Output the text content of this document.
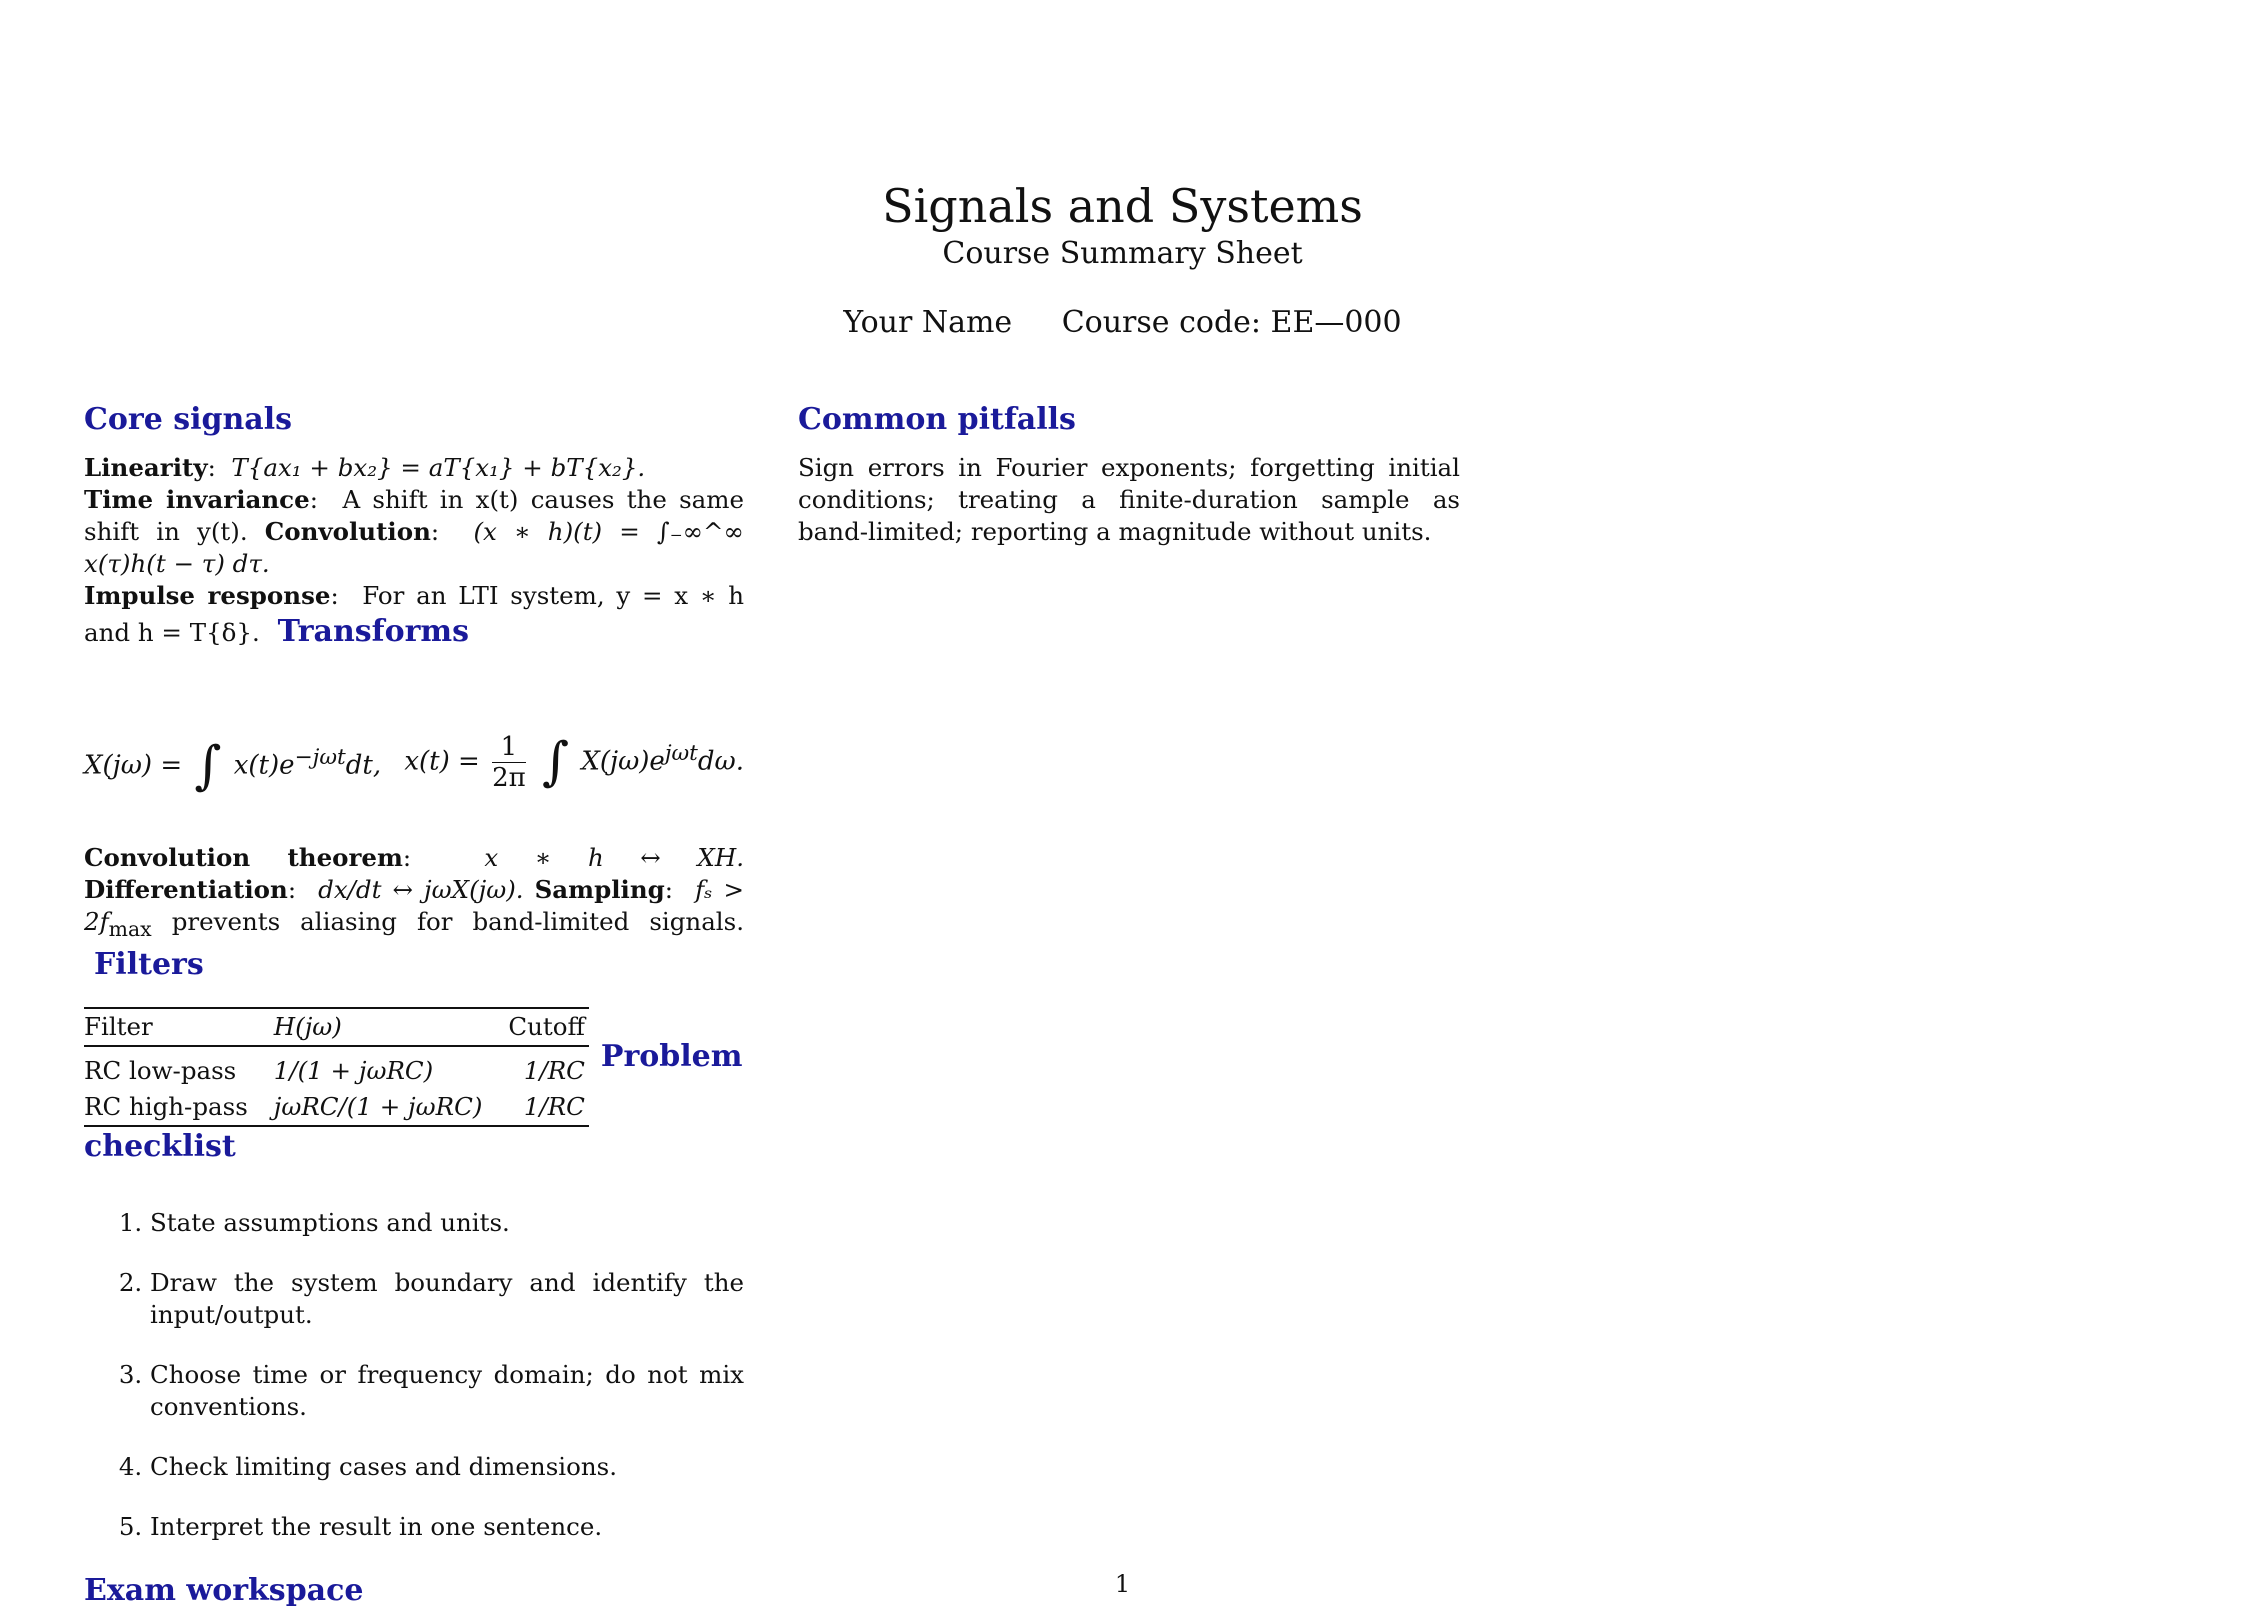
Signals and Systems
Course Summary Sheet
Your Name Course code: EE—000
Core signals
Linearity:  T{ax₁ + bx₂} = aT{x₁} + bT{x₂}.
Time invariance:  A shift in x(t) causes the same shift in y(t). Convolution:  (x ∗ h)(t) = ∫₋∞^∞ x(τ)h(t − τ) dτ.
Impulse response:  For an LTI system, y = x ∗ h and h = T{δ}. Transforms
X(jω) = ∫ $x(t)e^{-j\omega t}dt$, $x(t) = \frac{1}{2\pi}$ ∫ $X(j\omega)e^{j\omega t}d\omega$.
Convolution theorem:  x ∗ h ↔ XH. Differentiation:  dx/dt ↔ jωX(jω). Sampling:  $f_s > 2f_{max}$ prevents aliasing for band-limited signals. Filters
Filter	H(jω)	Cutoff
RC low-pass	1/(1 + jωRC)	1/RC
RC high-pass	jωRC/(1 + jωRC)	1/RC
Problem
checklist
1. State assumptions and units.
2. Draw the system boundary and identify the input/output.
3. Choose time or frequency domain; do not mix conventions.
4. Check limiting cases and dimensions.
5. Interpret the result in one sentence.
Exam workspace
Common pitfalls
Sign errors in Fourier exponents; forgetting initial conditions; treating a finite-duration sample as band-limited; reporting a magnitude without units.
1
